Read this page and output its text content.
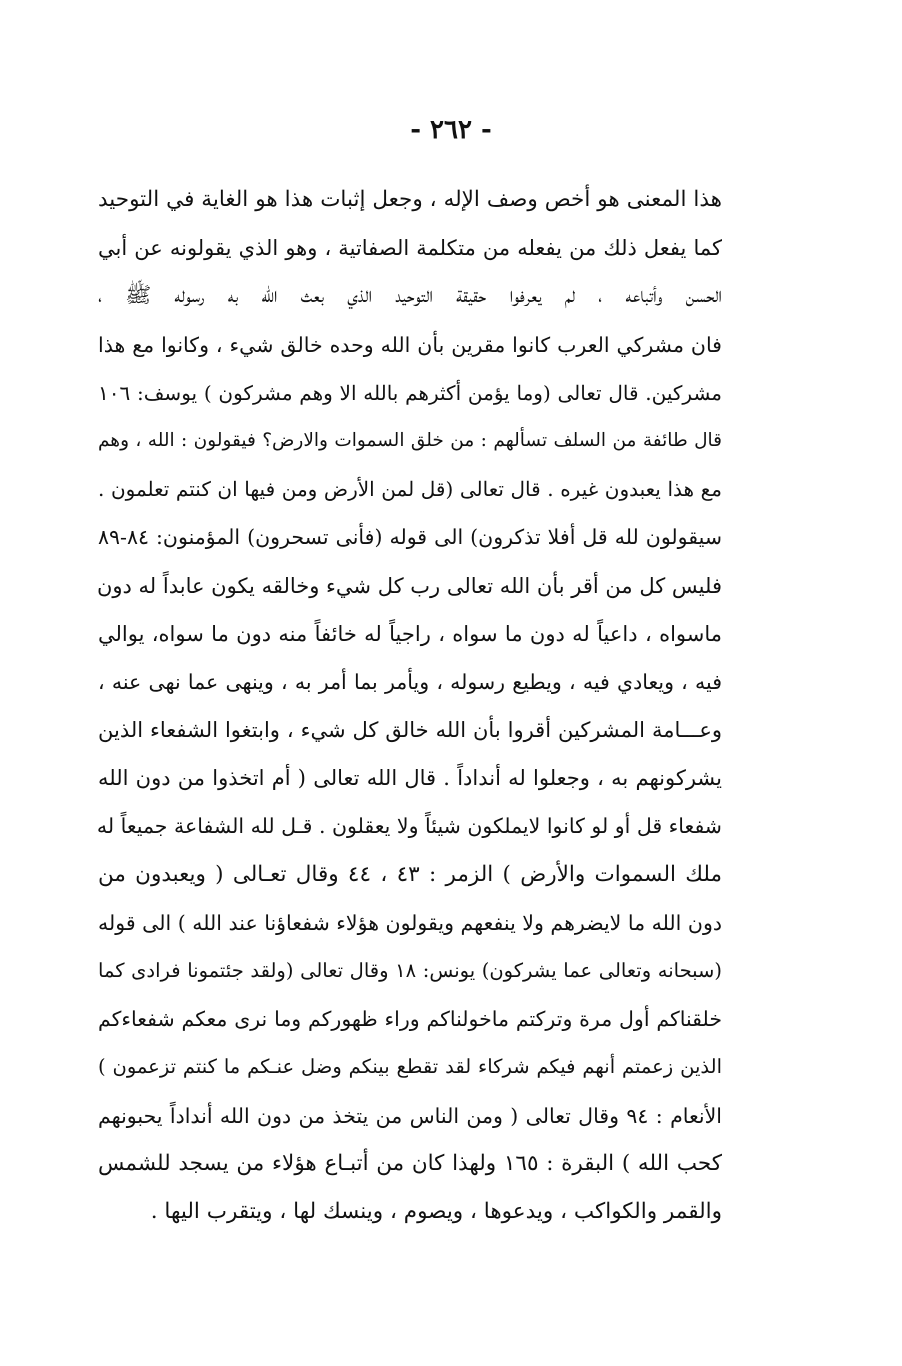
- ٢٦٢ -
هذا المعنى هو أخص وصف الإله ، وجعل إثبات هذا هو الغاية في التوحيد
كما يفعل ذلك من يفعله من متكلمة الصفاتية ، وهو الذي يقولونه عن أبي
الحسن وأتباعه ، لم يعرفوا حقيقة التوحيد الذي بعث الله به رسوله ﷺ ،
فان مشركي العرب كانوا مقرين بأن الله وحده خالق شيء ، وكانوا مع هذا
مشركين. قال تعالى (وما يؤمن أكثرهم بالله الا وهم مشركون ) يوسف: ١٠٦
قال طائفة من السلف تسألهم : من خلق السموات والارض؟ فيقولون : الله ، وهم
مع هذا يعبدون غيره . قال تعالى (قل لمن الأرض ومن فيها ان كنتم تعلمون .
سيقولون لله قل أفلا تذكرون) الى قوله (فأنى تسحرون) المؤمنون: ٨٤-٨٩
فليس كل من أقر بأن الله تعالى رب كل شيء وخالقه يكون عابداً له دون
ماسواه ، داعياً له دون ما سواه ، راجياً له خائفاً منه دون ما سواه، يوالي
فيه ، ويعادي فيه ، ويطيع رسوله ، ويأمر بما أمر به ، وينهى عما نهى عنه ،
وعـــامة المشركين أقروا بأن الله خالق كل شيء ، وابتغوا الشفعاء الذين
يشركونهم به ، وجعلوا له أنداداً . قال الله تعالى ( أم اتخذوا من دون الله
شفعاء قل أو لو كانوا لايملكون شيئاً ولا يعقلون . قـل لله الشفاعة جميعاً له
ملك السموات والأرض ) الزمر : ٤٣ ، ٤٤ وقال تعـالى ( ويعبدون من
دون الله ما لايضرهم ولا ينفعهم ويقولون هؤلاء شفعاؤنا عند الله ) الى قوله
(سبحانه وتعالى عما يشركون) يونس: ١٨ وقال تعالى (ولقد جئتمونا فرادى كما
خلقناكم أول مرة وتركتم ماخولناكم وراء ظهوركم وما نرى معكم شفعاءكم
الذين زعمتم أنهم فيكم شركاء لقد تقطع بينكم وضل عنـكم ما كنتم تزعمون )
الأنعام : ٩٤ وقال تعالى ( ومن الناس من يتخذ من دون الله أنداداً يحبونهم
كحب الله ) البقرة : ١٦٥ ولهذا كان من أتبـاع هؤلاء من يسجد للشمس
والقمر والكواكب ، ويدعوها ، ويصوم ، وينسك لها ، ويتقرب اليها .
